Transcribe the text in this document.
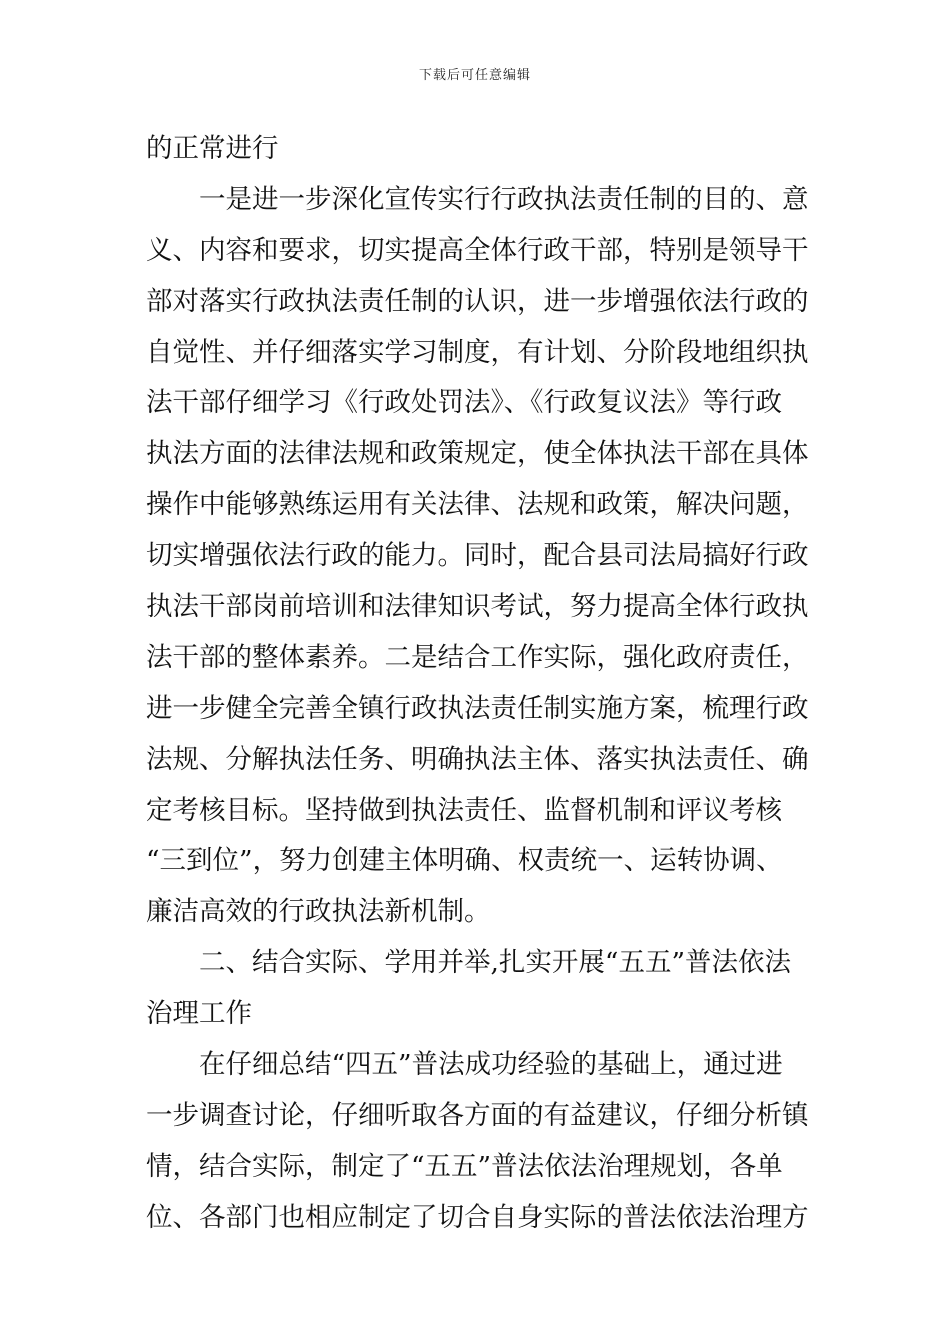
下载后可任意编辑
的正常进行
一是进一步深化宣传实行行政执法责任制的目的、意
义、内容和要求，切实提高全体行政干部，特别是领导干
部对落实行政执法责任制的认识，进一步增强依法行政的
自觉性、并仔细落实学习制度，有计划、分阶段地组织执
法干部仔细学习《行政处罚法》、《行政复议法》等行政
执法方面的法律法规和政策规定，使全体执法干部在具体
操作中能够熟练运用有关法律、法规和政策，解决问题，
切实增强依法行政的能力。同时，配合县司法局搞好行政
执法干部岗前培训和法律知识考试，努力提高全体行政执
法干部的整体素养。二是结合工作实际，强化政府责任，
进一步健全完善全镇行政执法责任制实施方案，梳理行政
法规、分解执法任务、明确执法主体、落实执法责任、确
定考核目标。坚持做到执法责任、监督机制和评议考核
“三到位”，努力创建主体明确、权责统一、运转协调、
廉洁高效的行政执法新机制。
二、结合实际、学用并举,扎实开展“五五”普法依法
治理工作
在仔细总结“四五”普法成功经验的基础上，通过进
一步调查讨论，仔细听取各方面的有益建议，仔细分析镇
情，结合实际，制定了“五五”普法依法治理规划，各单
位、各部门也相应制定了切合自身实际的普法依法治理方
